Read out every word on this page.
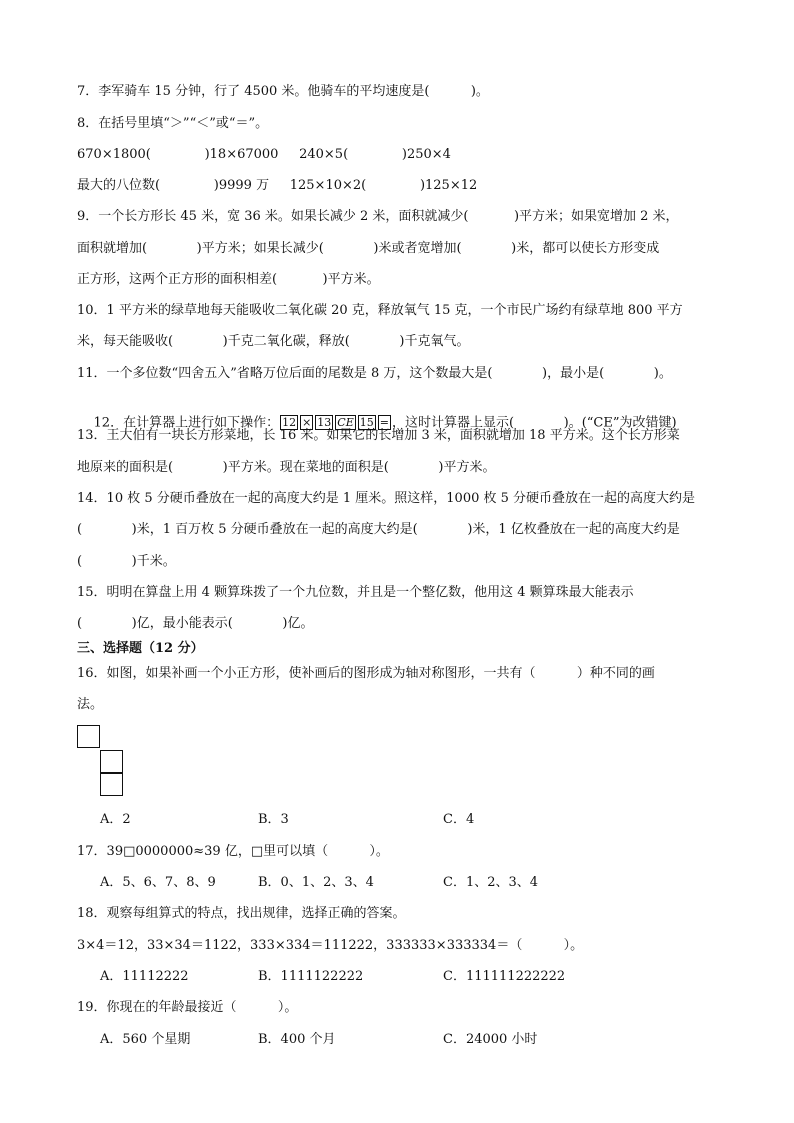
7．李军骑车 15 分钟，行了 4500 米。他骑车的平均速度是(          )。
8．在括号里填“＞”“＜”或“＝”。
670×1800(             )18×67000     240×5(             )250×4
最大的八位数(             )9999 万     125×10×2(             )125×12
9．一个长方形长 45 米，宽 36 米。如果长减少 2 米，面积就减少(           )平方米；如果宽增加 2 米，
面积就增加(            )平方米；如果长减少(            )米或者宽增加(            )米，都可以使长方形变成
正方形，这两个正方形的面积相差(           )平方米。
10．1 平方米的绿草地每天能吸收二氧化碳 20 克，释放氧气 15 克，一个市民广场约有绿草地 800 平方
米，每天能吸收(            )千克二氧化碳，释放(            )千克氧气。
11．一个多位数“四舍五入”省略万位后面的尾数是 8 万，这个数最大是(            )，最小是(            )。

12．在计算器上进行如下操作： 12 × 13 CE 15 = ，这时计算器上显示(            )。(“CE”为改错键)

13．王大伯有一块长方形菜地，长 16 米。如果它的长增加 3 米，面积就增加 18 平方米。这个长方形菜
地原来的面积是(            )平方米。现在菜地的面积是(            )平方米。
14．10 枚 5 分硬币叠放在一起的高度大约是 1 厘米。照这样，1000 枚 5 分硬币叠放在一起的高度大约是
(            )米，1 百万枚 5 分硬币叠放在一起的高度大约是(            )米，1 亿枚叠放在一起的高度大约是
(            )千米。
15．明明在算盘上用 4 颗算珠拨了一个九位数，并且是一个整亿数，他用这 4 颗算珠最大能表示
(            )亿，最小能表示(            )亿。
三、选择题（12 分）
16．如图，如果补画一个小正方形，使补画后的图形成为轴对称图形，一共有（          ）种不同的画
法。
A．2	B．3	C．4
17．39□0000000≈39 亿，□里可以填（          ）。
A．5、6、7、8、9	B．0、1、2、3、4	C．1、2、3、4
18．观察每组算式的特点，找出规律，选择正确的答案。
3×4＝12，33×34＝1122，333×334＝111222，333333×333334＝（          ）。
A．11112222	B．1111122222	C．111111222222
19．你现在的年龄最接近（          ）。
A．560 个星期	B．400 个月	C．24000 小时
